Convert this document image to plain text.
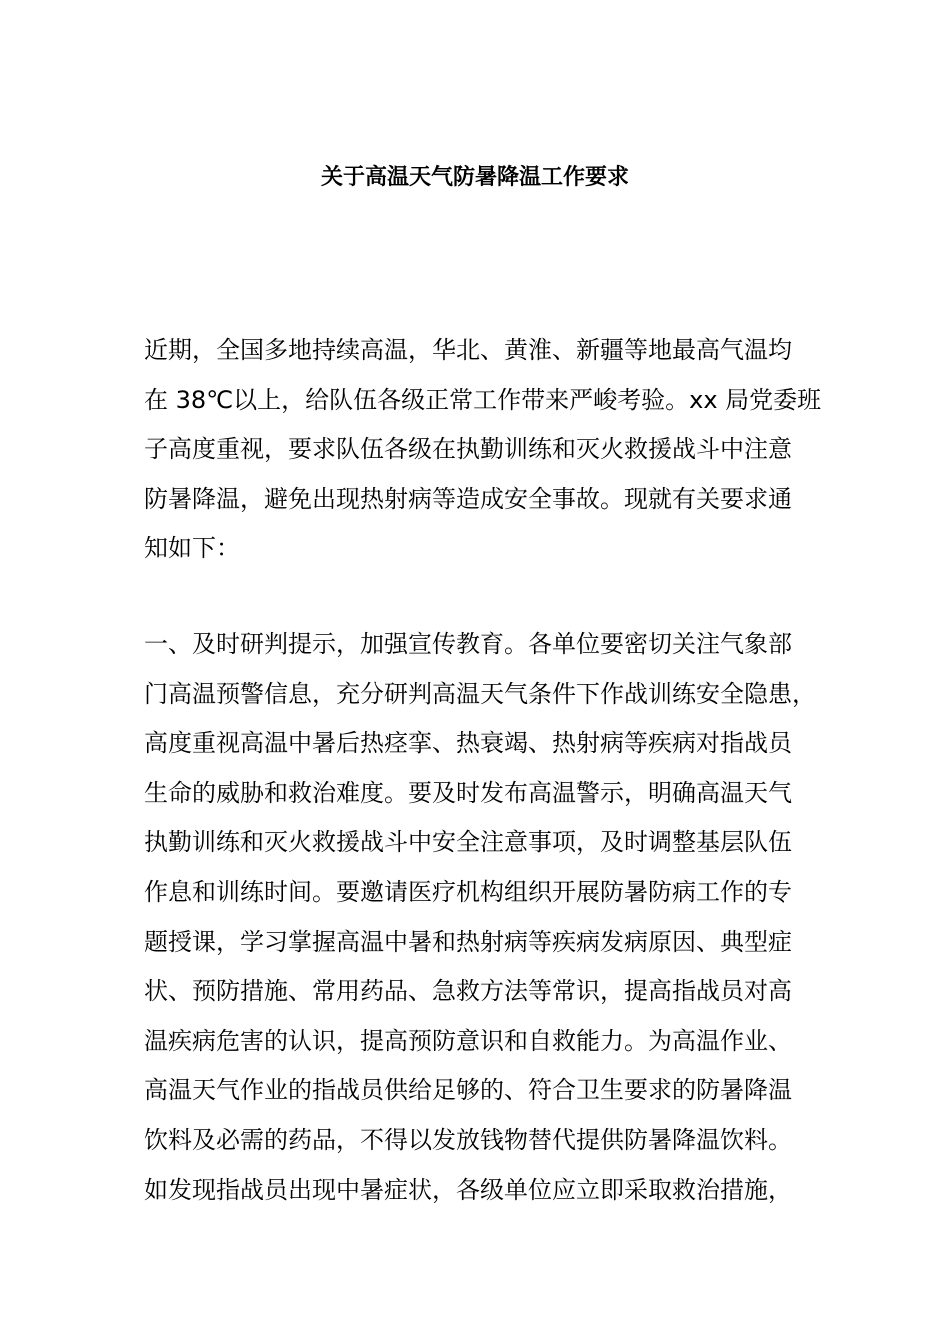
关于高温天气防暑降温工作要求
近期，全国多地持续高温，华北、黄淮、新疆等地最高气温均
在 38℃以上，给队伍各级正常工作带来严峻考验。xx 局党委班
子高度重视，要求队伍各级在执勤训练和灭火救援战斗中注意
防暑降温，避免出现热射病等造成安全事故。现就有关要求通
知如下：
一、及时研判提示，加强宣传教育。各单位要密切关注气象部
门高温预警信息，充分研判高温天气条件下作战训练安全隐患，
高度重视高温中暑后热痉挛、热衰竭、热射病等疾病对指战员
生命的威胁和救治难度。要及时发布高温警示，明确高温天气
执勤训练和灭火救援战斗中安全注意事项，及时调整基层队伍
作息和训练时间。要邀请医疗机构组织开展防暑防病工作的专
题授课，学习掌握高温中暑和热射病等疾病发病原因、典型症
状、预防措施、常用药品、急救方法等常识，提高指战员对高
温疾病危害的认识，提高预防意识和自救能力。为高温作业、
高温天气作业的指战员供给足够的、符合卫生要求的防暑降温
饮料及必需的药品，不得以发放钱物替代提供防暑降温饮料。
如发现指战员出现中暑症状，各级单位应立即采取救治措施，
